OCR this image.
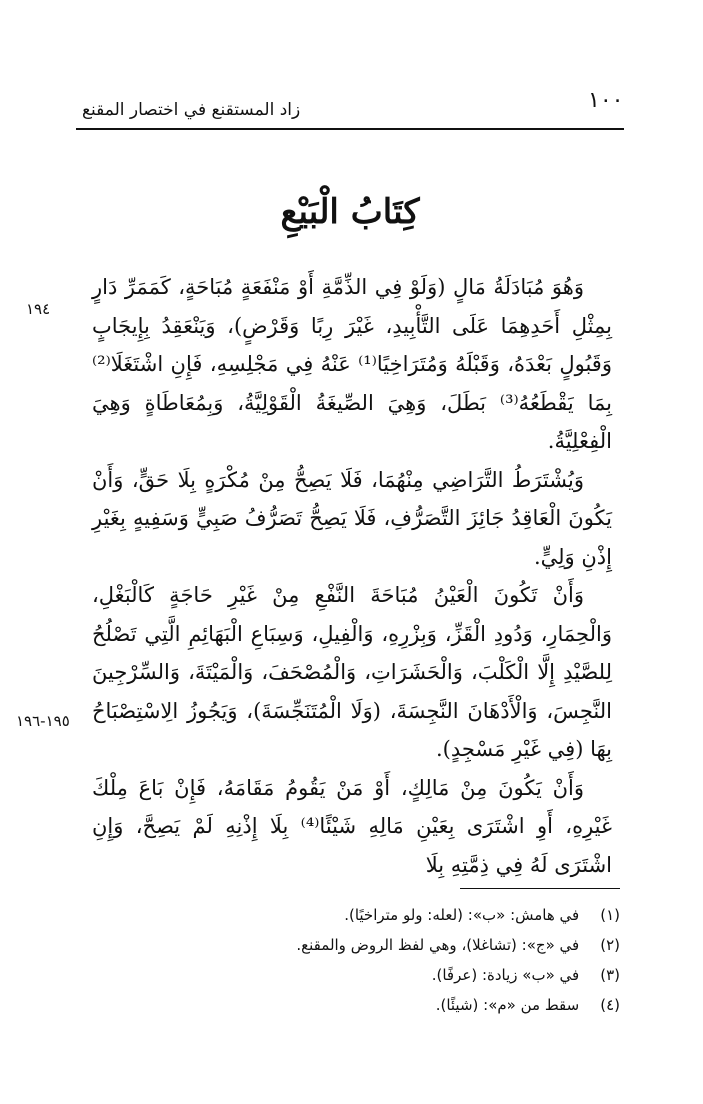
١٠٠
زاد المستقنع في اختصار المقنع
كِتَابُ الْبَيْعِ
١٩٤
١٩٥-١٩٦

وَهُوَ مُبَادَلَةُ مَالٍ (وَلَوْ فِي الذِّمَّةِ أَوْ مَنْفَعَةٍ مُبَاحَةٍ، كَمَمَرِّ دَارٍ بِمِثْلِ أَحَدِهِمَا عَلَى التَّأْبِيدِ، غَيْرَ رِبًا وَقَرْضٍ)، وَيَنْعَقِدُ بِإِيجَابٍ وَقَبُولٍ بَعْدَهُ، وَقَبْلَهُ وَمُتَرَاخِيًا⁽¹⁾ عَنْهُ فِي مَجْلِسِهِ، فَإِنِ اشْتَغَلَا⁽²⁾ بِمَا يَقْطَعُهُ⁽³⁾ بَطَلَ، وَهِيَ الصِّيغَةُ الْقَوْلِيَّةُ، وَبِمُعَاطَاةٍ وَهِيَ الْفِعْلِيَّةُ.

وَيُشْتَرَطُ التَّرَاضِي مِنْهُمَا، فَلَا يَصِحُّ مِنْ مُكْرَهٍ بِلَا حَقٍّ، وَأَنْ يَكُونَ الْعَاقِدُ جَائِزَ التَّصَرُّفِ، فَلَا يَصِحُّ تَصَرُّفُ صَبِيٍّ وَسَفِيهٍ بِغَيْرِ إِذْنِ وَلِيٍّ.

وَأَنْ تَكُونَ الْعَيْنُ مُبَاحَةَ النَّفْعِ مِنْ غَيْرِ حَاجَةٍ كَالْبَغْلِ، وَالْحِمَارِ، وَدُودِ الْقَزِّ، وَبِزْرِهِ، وَالْفِيلِ، وَسِبَاعِ الْبَهَائِمِ الَّتِي تَصْلُحُ لِلصَّيْدِ إِلَّا الْكَلْبَ، وَالْحَشَرَاتِ، وَالْمُصْحَفَ، وَالْمَيْتَةَ، وَالسِّرْجِينَ النَّجِسَ، وَالْأَدْهَانَ النَّجِسَةَ، (وَلَا الْمُتَنَجِّسَةَ)، وَيَجُوزُ الِاسْتِصْبَاحُ بِهَا (فِي غَيْرِ مَسْجِدٍ).

وَأَنْ يَكُونَ مِنْ مَالِكٍ، أَوْ مَنْ يَقُومُ مَقَامَهُ، فَإِنْ بَاعَ مِلْكَ غَيْرِهِ، أَوِ اشْتَرَى بِعَيْنِ مَالِهِ شَيْئًا⁽⁴⁾ بِلَا إِذْنِهِ لَمْ يَصِحَّ، وَإِنِ اشْتَرَى لَهُ فِي ذِمَّتِهِ بِلَا

(١) في هامش: «ب»: (لعله: ولو متراخيًا).
(٢) في «ج»: (تشاغلا)، وهي لفظ الروض والمقنع.
(٣) في «ب» زيادة: (عرفًا).
(٤) سقط من «م»: (شيئًا).
